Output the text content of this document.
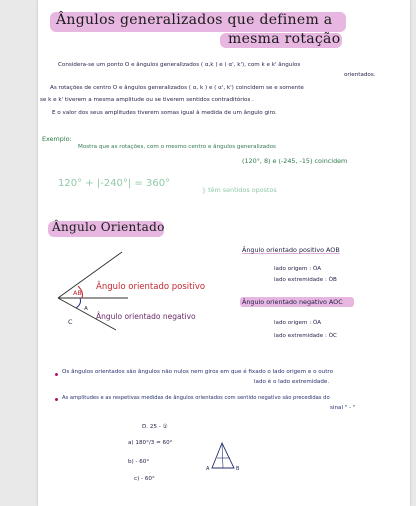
Ângulos generalizados que definem a
mesma rotação
Considera-se um ponto O e ângulos generalizados ( α,k ) e ( α', k'), com k e k' ângulos
orientados.
As rotações de centro O e ângulos generalizados ( α, k ) e ( α', k') coincidem se e somente
se k e k' tiverem a mesma amplitude ou se tiverem sentidos contraditórios .
E o valor dos seus amplitudes tiverem somas igual à medida de um ângulo giro.
Exemplo:
Mostra que as rotações, com o mesmo centro e ângulos generalizados
(120°, 8) e (-245, -15) coincidem
120° + |-240°| = 360°
} têm sentidos opostos
Ângulo Orientado
AB
Ângulo orientado positivo
C
A
Ângulo orientado negativo
Ângulo orientado positivo AOB
lado origem : ȮA
lado extremidade : ȮB
Ângulo orientado negativo AOC
lado origem : ȮA
lado extremidade : ȮC
Os ângulos orientados são ângulos não nulos nem giros em que é fixado o lado origem e o outro
lado é o lado extremidade.
As amplitudes e as respetivas medidas de ângulos orientados com sentido negativo são precedidas do
sinal " - "
D. 25 - ①
a) 180°/3 = 60°
b) - 60°
c) - 60°
A	B
